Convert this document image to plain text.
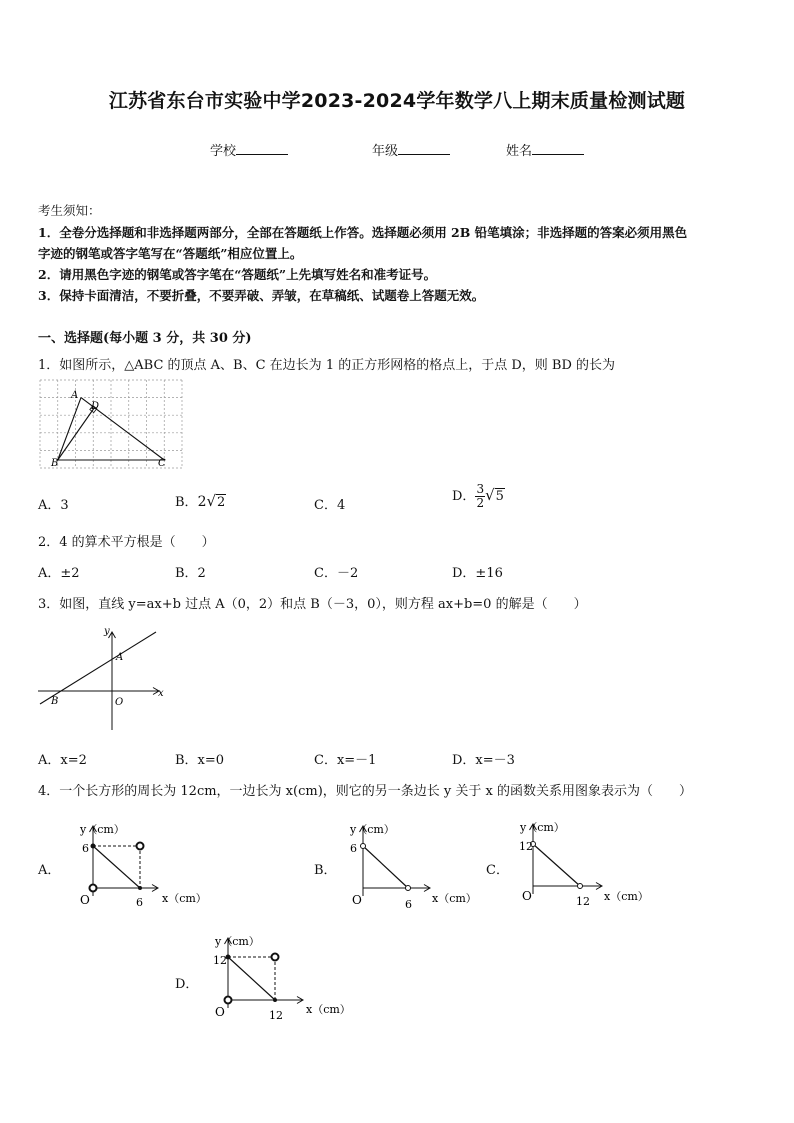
江苏省东台市实验中学2023-2024学年数学八上期末质量检测试题
学校	年级	姓名
考生须知：
1．全卷分选择题和非选择题两部分，全部在答题纸上作答。选择题必须用 2B 铅笔填涂；非选择题的答案必须用黑色
字迹的钢笔或答字笔写在“答题纸”相应位置上。
2．请用黑色字迹的钢笔或答字笔在“答题纸”上先填写姓名和准考证号。
3．保持卡面清洁，不要折叠，不要弄破、弄皱，在草稿纸、试题卷上答题无效。
一、选择题(每小题 3 分，共 30 分)
1．如图所示，△ABC 的顶点 A、B、C 在边长为 1 的正方形网格的格点上，于点 D，则 BD 的长为
A
D
B	C
A．3	B．2√2	C．4
D． $\frac{3}{2} √5$
2．4 的算术平方根是（　　）
A．±2	B．2	C．－2	D．±16
3．如图，直线 y=ax+b 过点 A（0，2）和点 B（－3，0），则方程 ax+b=0 的解是（　　）
y
x
A
B	O
A．x=2	B．x=0	C．x=－1	D．x=－3
4．一个长方形的周长为 12cm，一边长为 x(cm)，则它的另一条边长 y 关于 x 的函数关系用图象表示为（　　）
A．
y（cm）
6
O	6 x（cm）
B．
y（cm）
6
O	6 x（cm）
C．
y（cm）
12
O	12 x（cm）
D．
y（cm）
12
O	12 x（cm）
